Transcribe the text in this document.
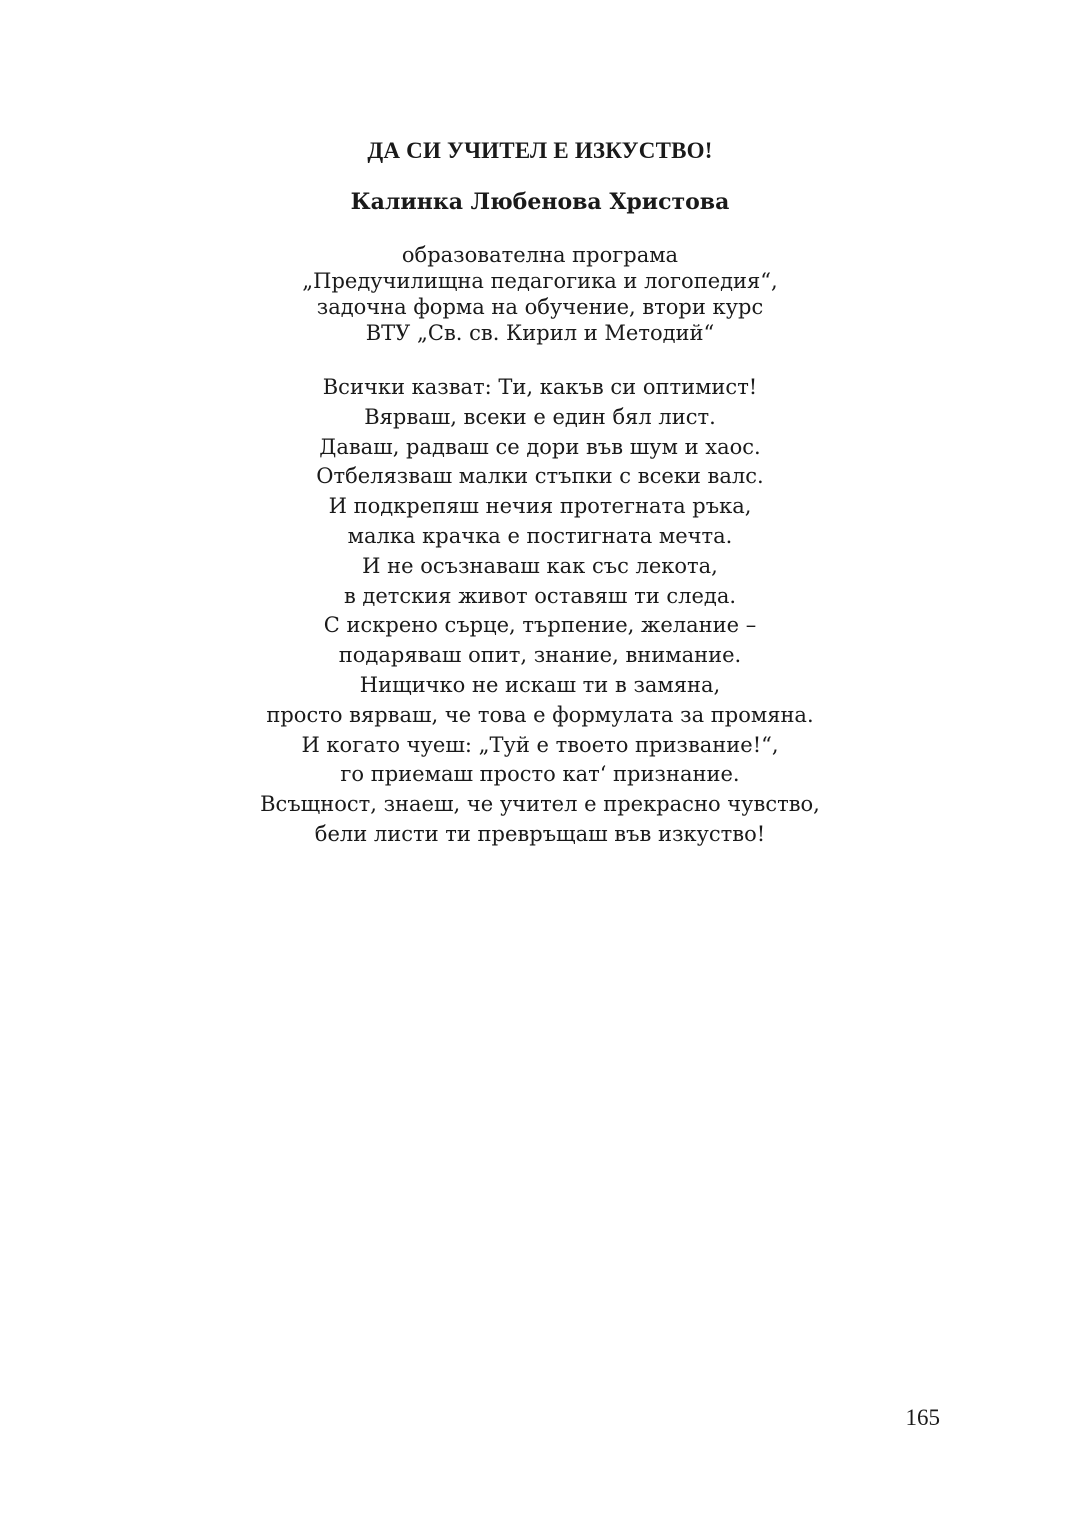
ДА СИ УЧИТЕЛ Е ИЗКУСТВО!
Калинка Любенова Христова
образователна програма
„Предучилищна педагогика и логопедия“,
задочна форма на обучение, втори курс
ВТУ „Св. св. Кирил и Методий“
Всички казват: Ти, какъв си оптимист!
Вярваш, всеки е един бял лист.
Даваш, радваш се дори във шум и хаос.
Отбелязваш малки стъпки с всеки валс.
И подкрепяш нечия протегната ръка,
малка крачка е постигната мечта.
И не осъзнаваш как със лекота,
в детския живот оставяш ти следа.
С искрено сърце, търпение, желание –
подаряваш опит, знание, внимание.
Нищичко не искаш ти в замяна,
просто вярваш, че това е формулата за промяна.
И когато чуеш: „Туй е твоето призвание!“,
го приемаш просто кат‘ признание.
Всъщност, знаеш, че учител е прекрасно чувство,
бели листи ти превръщаш във изкуство!
165
